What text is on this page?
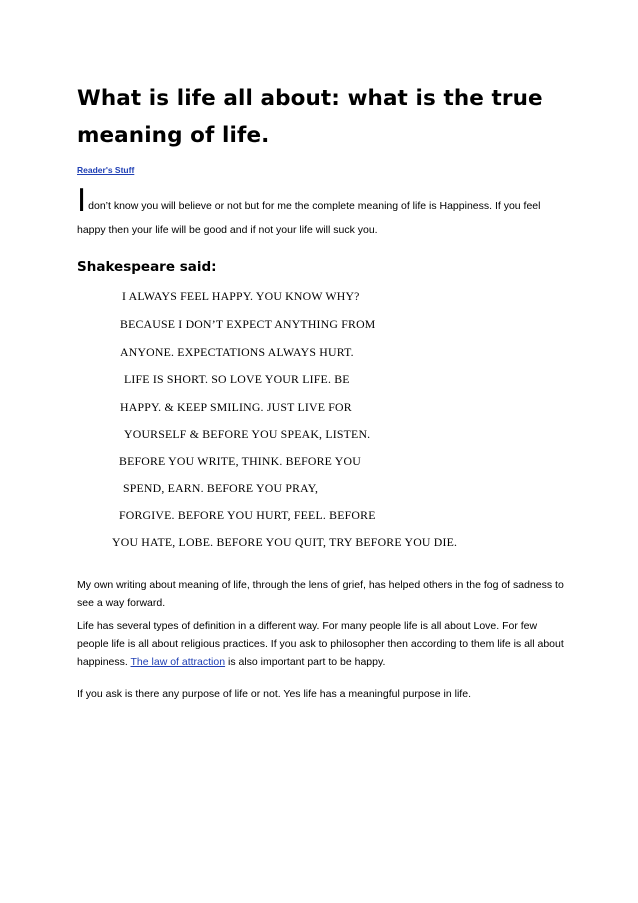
What is life all about: what is the true meaning of life.
Reader's Stuff

Idon’t know you will believe or not but for me the complete meaning of life is Happiness. If you feel happy then your life will be good and if not your life will suck you.

Shakespeare said:
I ALWAYS FEEL HAPPY. YOU KNOW WHY?
BECAUSE I DON’T EXPECT ANYTHING FROM
ANYONE. EXPECTATIONS ALWAYS HURT.
LIFE IS SHORT. SO LOVE YOUR LIFE. BE
HAPPY. & KEEP SMILING. JUST LIVE FOR
YOURSELF & BEFORE YOU SPEAK, LISTEN.
BEFORE YOU WRITE, THINK. BEFORE YOU
SPEND, EARN. BEFORE YOU PRAY,
FORGIVE. BEFORE YOU HURT, FEEL. BEFORE
YOU HATE, LOBE. BEFORE YOU QUIT, TRY BEFORE YOU DIE.

My own writing about meaning of life, through the lens of grief, has helped others in the fog of sadness to see a way forward.

Life has several types of definition in a different way. For many people life is all about Love. For few people life is all about religious practices. If you ask to philosopher then according to them life is all about happiness. The law of attraction is also important part to be happy.

If you ask is there any purpose of life or not. Yes life has a meaningful purpose in life.
